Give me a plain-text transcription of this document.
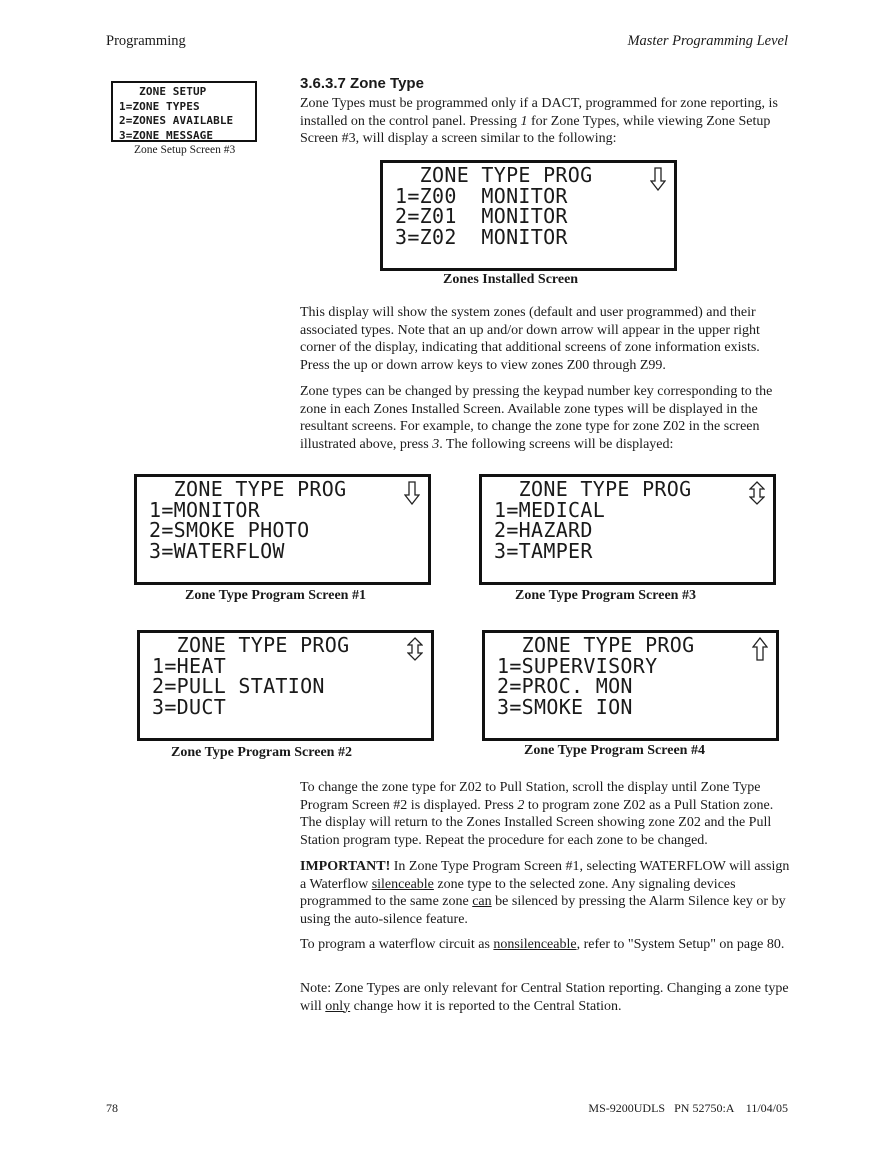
Programming	Master Programming Level
ZONE SETUP
1=ZONE TYPES
2=ZONES AVAILABLE
3=ZONE MESSAGE
Zone Setup Screen #3
3.6.3.7 Zone Type

Zone Types must be programmed only if a DACT, programmed for zone reporting, is installed on the control panel. Pressing 1 for Zone Types, while viewing Zone Setup Screen #3, will display a screen similar to the following:

ZONE TYPE PROG
1=Z00  MONITOR
2=Z01  MONITOR
3=Z02  MONITOR
Zones Installed Screen

This display will show the system zones (default and user programmed) and their associated types. Note that an up and/or down arrow will appear in the upper right corner of the display, indicating that additional screens of zone information exists. Press the up or down arrow keys to view zones Z00 through Z99.

Zone types can be changed by pressing the keypad number key corresponding to the zone in each Zones Installed Screen. Available zone types will be displayed in the resultant screens. For example, to change the zone type for zone Z02 in the screen illustrated above, press 3. The following screens will be displayed:

ZONE TYPE PROG
1=MONITOR
2=SMOKE PHOTO
3=WATERFLOW
Zone Type Program Screen #1
ZONE TYPE PROG
1=MEDICAL
2=HAZARD
3=TAMPER
Zone Type Program Screen #3
ZONE TYPE PROG
1=HEAT
2=PULL STATION
3=DUCT
Zone Type Program Screen #2
ZONE TYPE PROG
1=SUPERVISORY
2=PROC. MON
3=SMOKE ION
Zone Type Program Screen #4

To change the zone type for Z02 to Pull Station, scroll the display until Zone Type Program Screen #2 is displayed. Press 2 to program zone Z02 as a Pull Station zone. The display will return to the Zones Installed Screen showing zone Z02 and the Pull Station program type. Repeat the procedure for each zone to be changed.

IMPORTANT! In Zone Type Program Screen #1, selecting WATERFLOW will assign a Waterflow silenceable zone type to the selected zone. Any signaling devices programmed to the same zone can be silenced by pressing the Alarm Silence key or by using the auto-silence feature.

To program a waterflow circuit as nonsilenceable, refer to "System Setup" on page 80.

Note: Zone Types are only relevant for Central Station reporting. Changing a zone type will only change how it is reported to the Central Station.

78	MS-9200UDLS   PN 52750:A    11/04/05
